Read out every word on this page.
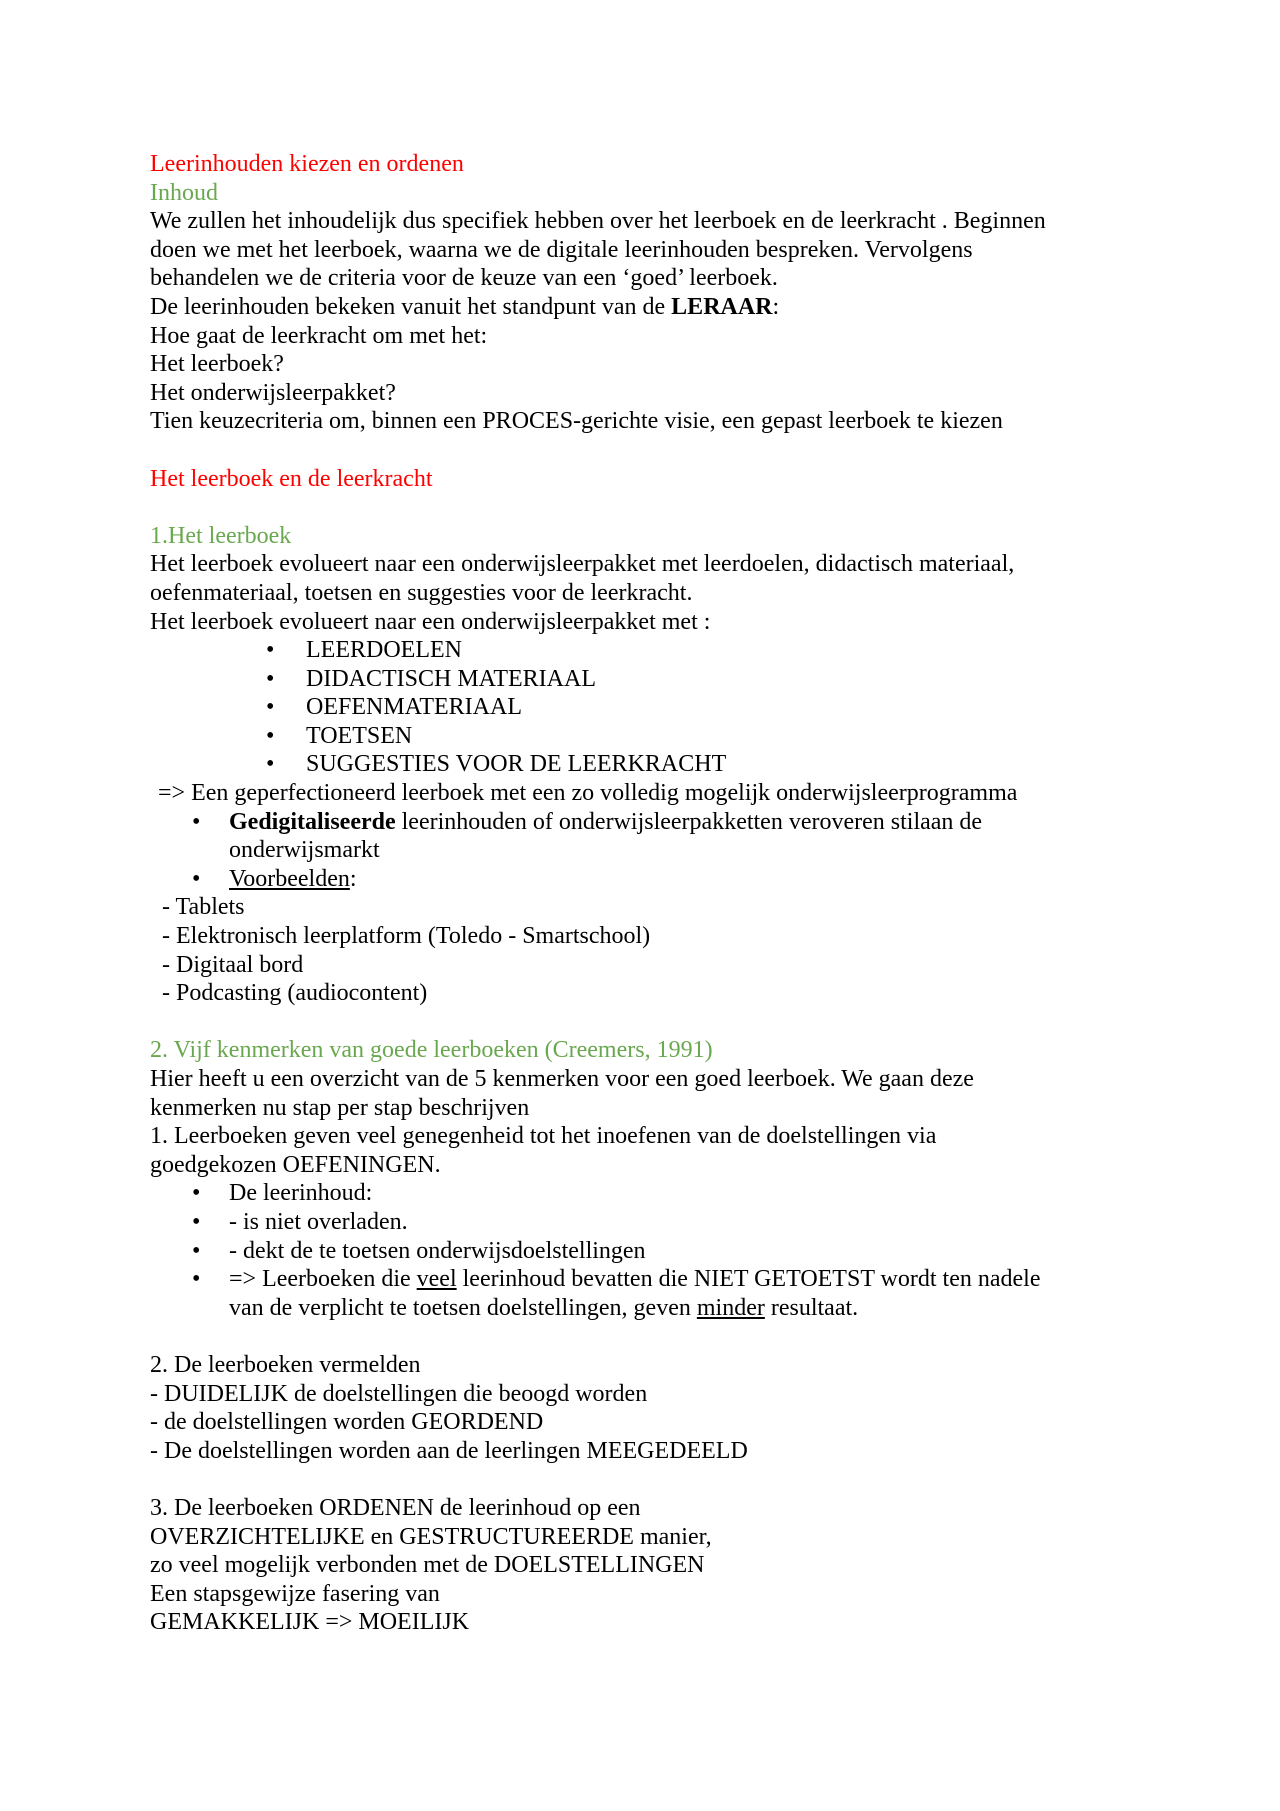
Leerinhouden kiezen en ordenen
Inhoud
We zullen het inhoudelijk dus specifiek hebben over het leerboek en de leerkracht . Beginnen
doen we met het leerboek, waarna we de digitale leerinhouden bespreken. Vervolgens
behandelen we de criteria voor de keuze van een ‘goed’ leerboek.
De leerinhouden bekeken vanuit het standpunt van de LERAAR:
Hoe gaat de leerkracht om met het:
Het leerboek?
Het onderwijsleerpakket?
Tien keuzecriteria om, binnen een PROCES-gerichte visie, een gepast leerboek te kiezen
Het leerboek en de leerkracht
1.Het leerboek
Het leerboek evolueert naar een onderwijsleerpakket met leerdoelen, didactisch materiaal,
oefenmateriaal, toetsen en suggesties voor de leerkracht.
Het leerboek evolueert naar een onderwijsleerpakket met :
• LEERDOELEN
• DIDACTISCH MATERIAAL
• OEFENMATERIAAL
• TOETSEN
• SUGGESTIES VOOR DE LEERKRACHT
=> Een geperfectioneerd leerboek met een zo volledig mogelijk onderwijsleerprogramma
• Gedigitaliseerde leerinhouden of onderwijsleerpakketten veroveren stilaan de
onderwijsmarkt
• Voorbeelden:
- Tablets
- Elektronisch leerplatform (Toledo - Smartschool)
- Digitaal bord
- Podcasting (audiocontent)
2. Vijf kenmerken van goede leerboeken (Creemers, 1991)
Hier heeft u een overzicht van de 5 kenmerken voor een goed leerboek. We gaan deze
kenmerken nu stap per stap beschrijven
1. Leerboeken geven veel genegenheid tot het inoefenen van de doelstellingen via
goedgekozen OEFENINGEN.
• De leerinhoud:
• - is niet overladen.
• - dekt de te toetsen onderwijsdoelstellingen
• => Leerboeken die veel leerinhoud bevatten die NIET GETOETST wordt ten nadele
van de verplicht te toetsen doelstellingen, geven minder resultaat.
2. De leerboeken vermelden
- DUIDELIJK de doelstellingen die beoogd worden
- de doelstellingen worden GEORDEND
- De doelstellingen worden aan de leerlingen MEEGEDEELD
3. De leerboeken ORDENEN de leerinhoud op een
OVERZICHTELIJKE en GESTRUCTUREERDE manier,
zo veel mogelijk verbonden met de DOELSTELLINGEN
Een stapsgewijze fasering van
GEMAKKELIJK => MOEILIJK
